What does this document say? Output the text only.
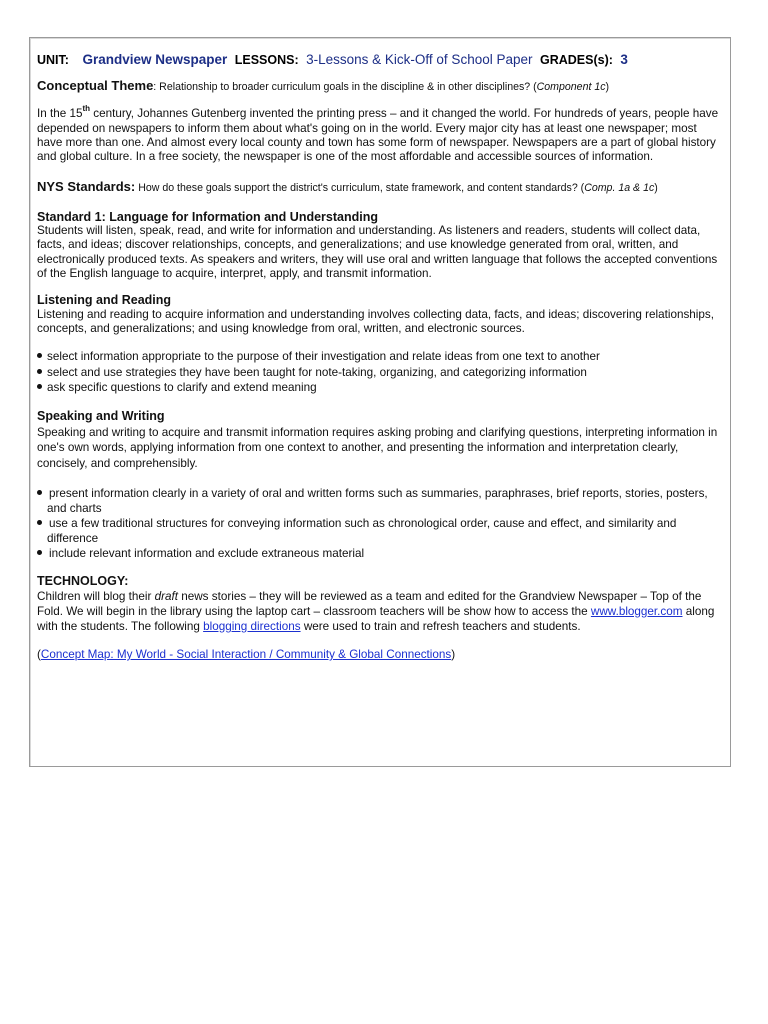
UNIT: Grandview Newspaper LESSONS: 3-Lessons & Kick-Off of School Paper GRADES(s): 3
Conceptual Theme: Relationship to broader curriculum goals in the discipline & in other disciplines? (Component 1c)
In the 15th century, Johannes Gutenberg invented the printing press – and it changed the world. For hundreds of years, people have depended on newspapers to inform them about what's going on in the world. Every major city has at least one newspaper; most have more than one. And almost every local county and town has some form of newspaper. Newspapers are a part of global history and global culture. In a free society, the newspaper is one of the most affordable and accessible sources of information.
NYS Standards: How do these goals support the district's curriculum, state framework, and content standards? (Comp. 1a & 1c)
Standard 1: Language for Information and Understanding
Students will listen, speak, read, and write for information and understanding. As listeners and readers, students will collect data, facts, and ideas; discover relationships, concepts, and generalizations; and use knowledge generated from oral, written, and electronically produced texts. As speakers and writers, they will use oral and written language that follows the accepted conventions of the English language to acquire, interpret, apply, and transmit information.
Listening and Reading
Listening and reading to acquire information and understanding involves collecting data, facts, and ideas; discovering relationships, concepts, and generalizations; and using knowledge from oral, written, and electronic sources.
select information appropriate to the purpose of their investigation and relate ideas from one text to another
select and use strategies they have been taught for note-taking, organizing, and categorizing information
ask specific questions to clarify and extend meaning
Speaking and Writing
Speaking and writing to acquire and transmit information requires asking probing and clarifying questions, interpreting information in one's own words, applying information from one context to another, and presenting the information and interpretation clearly, concisely, and comprehensibly.
present information clearly in a variety of oral and written forms such as summaries, paraphrases, brief reports, stories, posters, and charts
use a few traditional structures for conveying information such as chronological order, cause and effect, and similarity and difference
include relevant information and exclude extraneous material
TECHNOLOGY:
Children will blog their draft news stories – they will be reviewed as a team and edited for the Grandview Newspaper – Top of the Fold. We will begin in the library using the laptop cart – classroom teachers will be show how to access the www.blogger.com along with the students. The following blogging directions were used to train and refresh teachers and students.
(Concept Map: My World - Social Interaction / Community & Global Connections)
